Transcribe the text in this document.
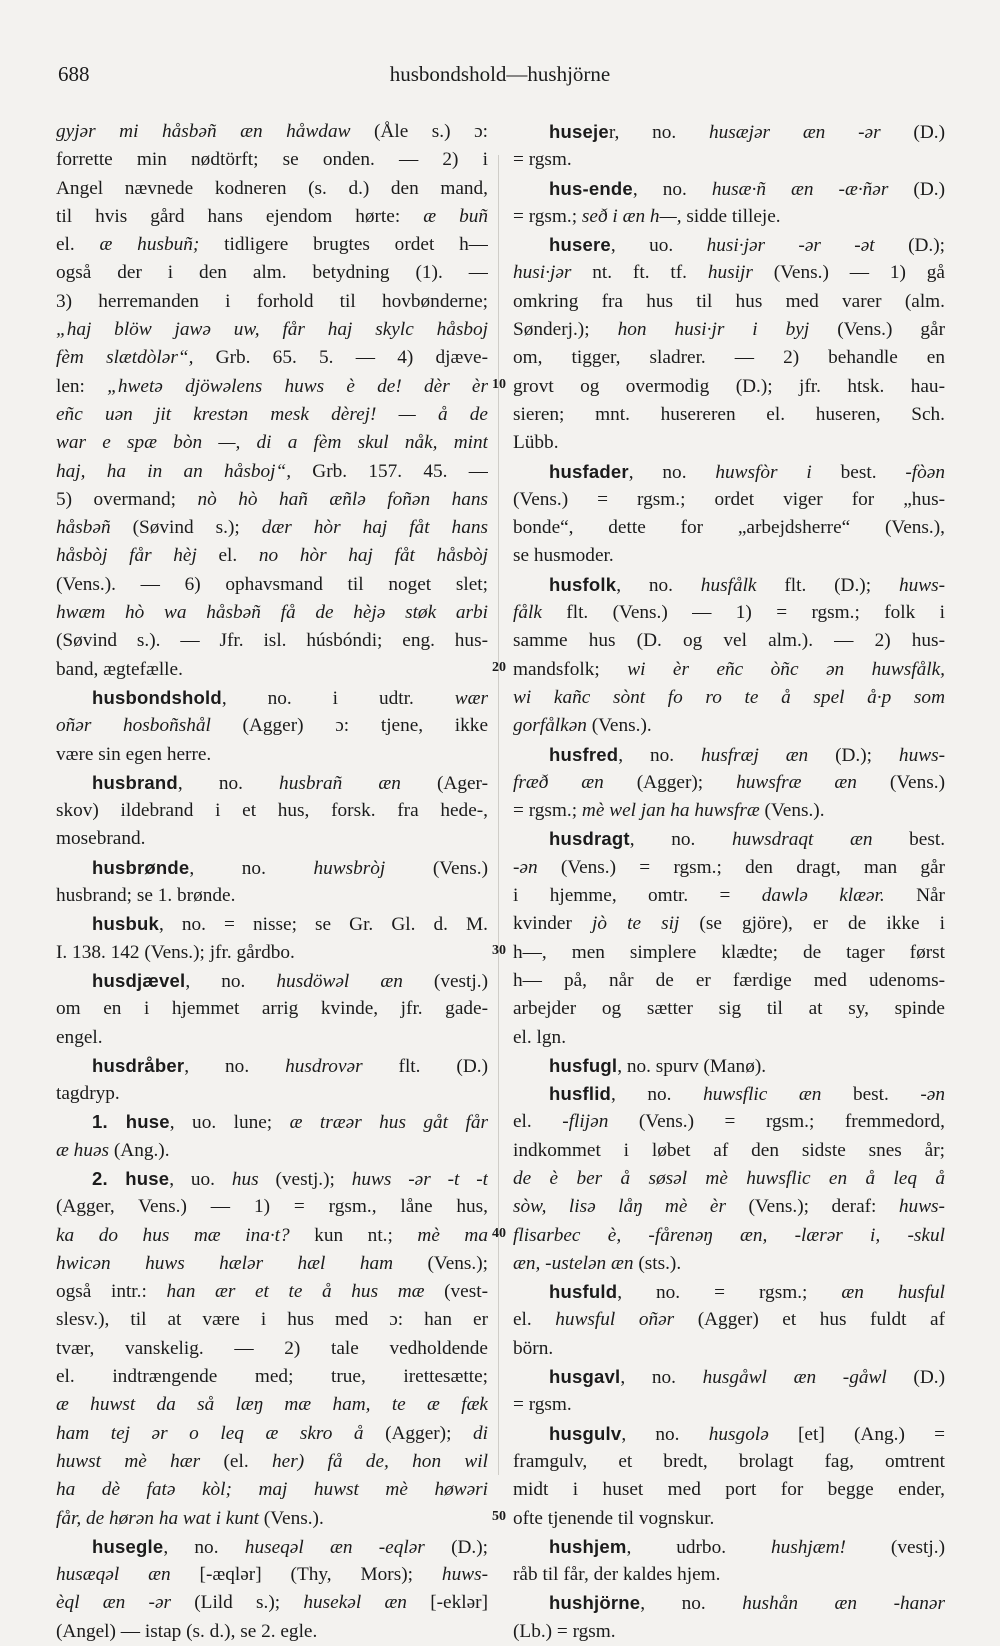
688	husbondshold—hushjörne
gyjər mi håsbəñ æn håwdaw (Åle s.) ɔ:
forrette min nødtörft; se onden. — 2) i
Angel nævnede kodneren (s. d.) den mand,
til hvis gård hans ejendom hørte: æ buñ
el. æ husbuñ; tidligere brugtes ordet h—
også der i den alm. betydning (1). —
3) herremanden i forhold til hovbønderne;
„haj blöw jawə uw, får haj skylc håsboj
fèm slætdòlər“, Grb. 65. 5. — 4) djæve-
len: „hwetə djöwəlens huws è de! dèr èr
eñc uən jit krestən mesk dèrej! — å de
war e spæ bòn —, di a fèm skul nåk, mint
haj, ha in an håsboj“, Grb. 157. 45. —
5) overmand; nò hò hañ æñlə foñən hans
håsbəñ (Søvind s.); dær hòr haj fåt hans
håsbòj får hèj el. no hòr haj fåt håsbòj
(Vens.). — 6) ophavsmand til noget slet;
hwæm hò wa håsbəñ få de hèjə støk arbi
(Søvind s.). — Jfr. isl. húsbóndi; eng. hus-
band, ægtefælle.
husbondshold, no. i udtr. wær
oñər hosboñshål (Agger) ɔ: tjene, ikke
være sin egen herre.
husbrand, no. husbrañ æn (Ager-
skov) ildebrand i et hus, forsk. fra hede-,
mosebrand.
husbrønde, no. huwsbròj (Vens.)
husbrand; se 1. brønde.
husbuk, no. = nisse; se Gr. Gl. d. M.
I. 138. 142 (Vens.); jfr. gårdbo.
husdjævel, no. husdöwəl æn (vestj.)
om en i hjemmet arrig kvinde, jfr. gade-
engel.
husdråber, no. husdrovər flt. (D.)
tagdryp.
1. huse, uo. lune; æ træər hus gåt får
æ huəs (Ang.).
2. huse, uo. hus (vestj.); huws -ər -t -t
(Agger, Vens.) — 1) = rgsm., låne hus,
ka do hus mæ ina·t? kun nt.; mè ma
hwicən huws hælər hæl ham (Vens.);
også intr.: han ær et te å hus mæ (vest-
slesv.), til at være i hus med ɔ: han er
tvær, vanskelig. — 2) tale vedholdende
el. indtrængende med; true, irettesætte;
æ huwst da så læŋ mæ ham, te æ fæk
ham tej ər o leq æ skro å (Agger); di
huwst mè hær (el. her) få de, hon wil
ha dè fatə kòl; maj huwst mè høwəri
får, de hørən ha wat i kunt (Vens.).
husegle, no. huseqəl æn -eqlər (D.);
husæqəl æn [-æqlər] (Thy, Mors); huws-
èql æn -ər (Lild s.); husekəl æn [-eklər]
(Angel) — istap (s. d.), se 2. egle.
10
20
30
40
50
husejer, no. husæjər æn -ər (D.)
= rgsm.
hus-ende, no. husæ·ñ æn -æ·ñər (D.)
= rgsm.; seð i æn h—, sidde tilleje.
husere, uo. husi·jər -ər -ət (D.);
husi·jər nt. ft. tf. husijr (Vens.) — 1) gå
omkring fra hus til hus med varer (alm.
Sønderj.); hon husi·jr i byj (Vens.) går
om, tigger, sladrer. — 2) behandle en
grovt og overmodig (D.); jfr. htsk. hau-
sieren; mnt. husereren el. huseren, Sch.
Lübb.
husfader, no. huwsfòr i best. -fòən
(Vens.) = rgsm.; ordet viger for „hus-
bonde“, dette for „arbejdsherre“ (Vens.),
se husmoder.
husfolk, no. husfålk flt. (D.); huws-
fålk flt. (Vens.) — 1) = rgsm.; folk i
samme hus (D. og vel alm.). — 2) hus-
mandsfolk; wi èr eñc òñc ən huwsfålk,
wi kañc sònt fo ro te å spel å·p som
gorfålkən (Vens.).
husfred, no. husfræj æn (D.); huws-
fræð æn (Agger); huwsfræ æn (Vens.)
= rgsm.; mè wel jan ha huwsfræ (Vens.).
husdragt, no. huwsdraqt æn best.
-ən (Vens.) = rgsm.; den dragt, man går
i hjemme, omtr. = dawlə klæər. Når
kvinder jò te sij (se gjöre), er de ikke i
h—, men simplere klædte; de tager først
h— på, når de er færdige med udenoms-
arbejder og sætter sig til at sy, spinde
el. lgn.
husfugl, no. spurv (Manø).
husflid, no. huwsflic æn best. -ən
el. -flijən (Vens.) = rgsm.; fremmedord,
indkommet i løbet af den sidste snes år;
de è ber å søsəl mè huwsflic en å leq å
sòw, lisə låŋ mè èr (Vens.); deraf: huws-
flisarbec è, -fårenəŋ æn, -lærər i, -skul
æn, -ustelən æn (sts.).
husfuld, no. = rgsm.; æn husful
el. huwsful oñər (Agger) et hus fuldt af
börn.
husgavl, no. husgåwl æn -gåwl (D.)
= rgsm.
husgulv, no. husgolə [et] (Ang.) =
framgulv, et bredt, brolagt fag, omtrent
midt i huset med port for begge ender,
ofte tjenende til vognskur.
hushjem, udrbo. hushjæm! (vestj.)
råb til får, der kaldes hjem.
hushjörne, no. hushån æn -hanər
(Lb.) = rgsm.
